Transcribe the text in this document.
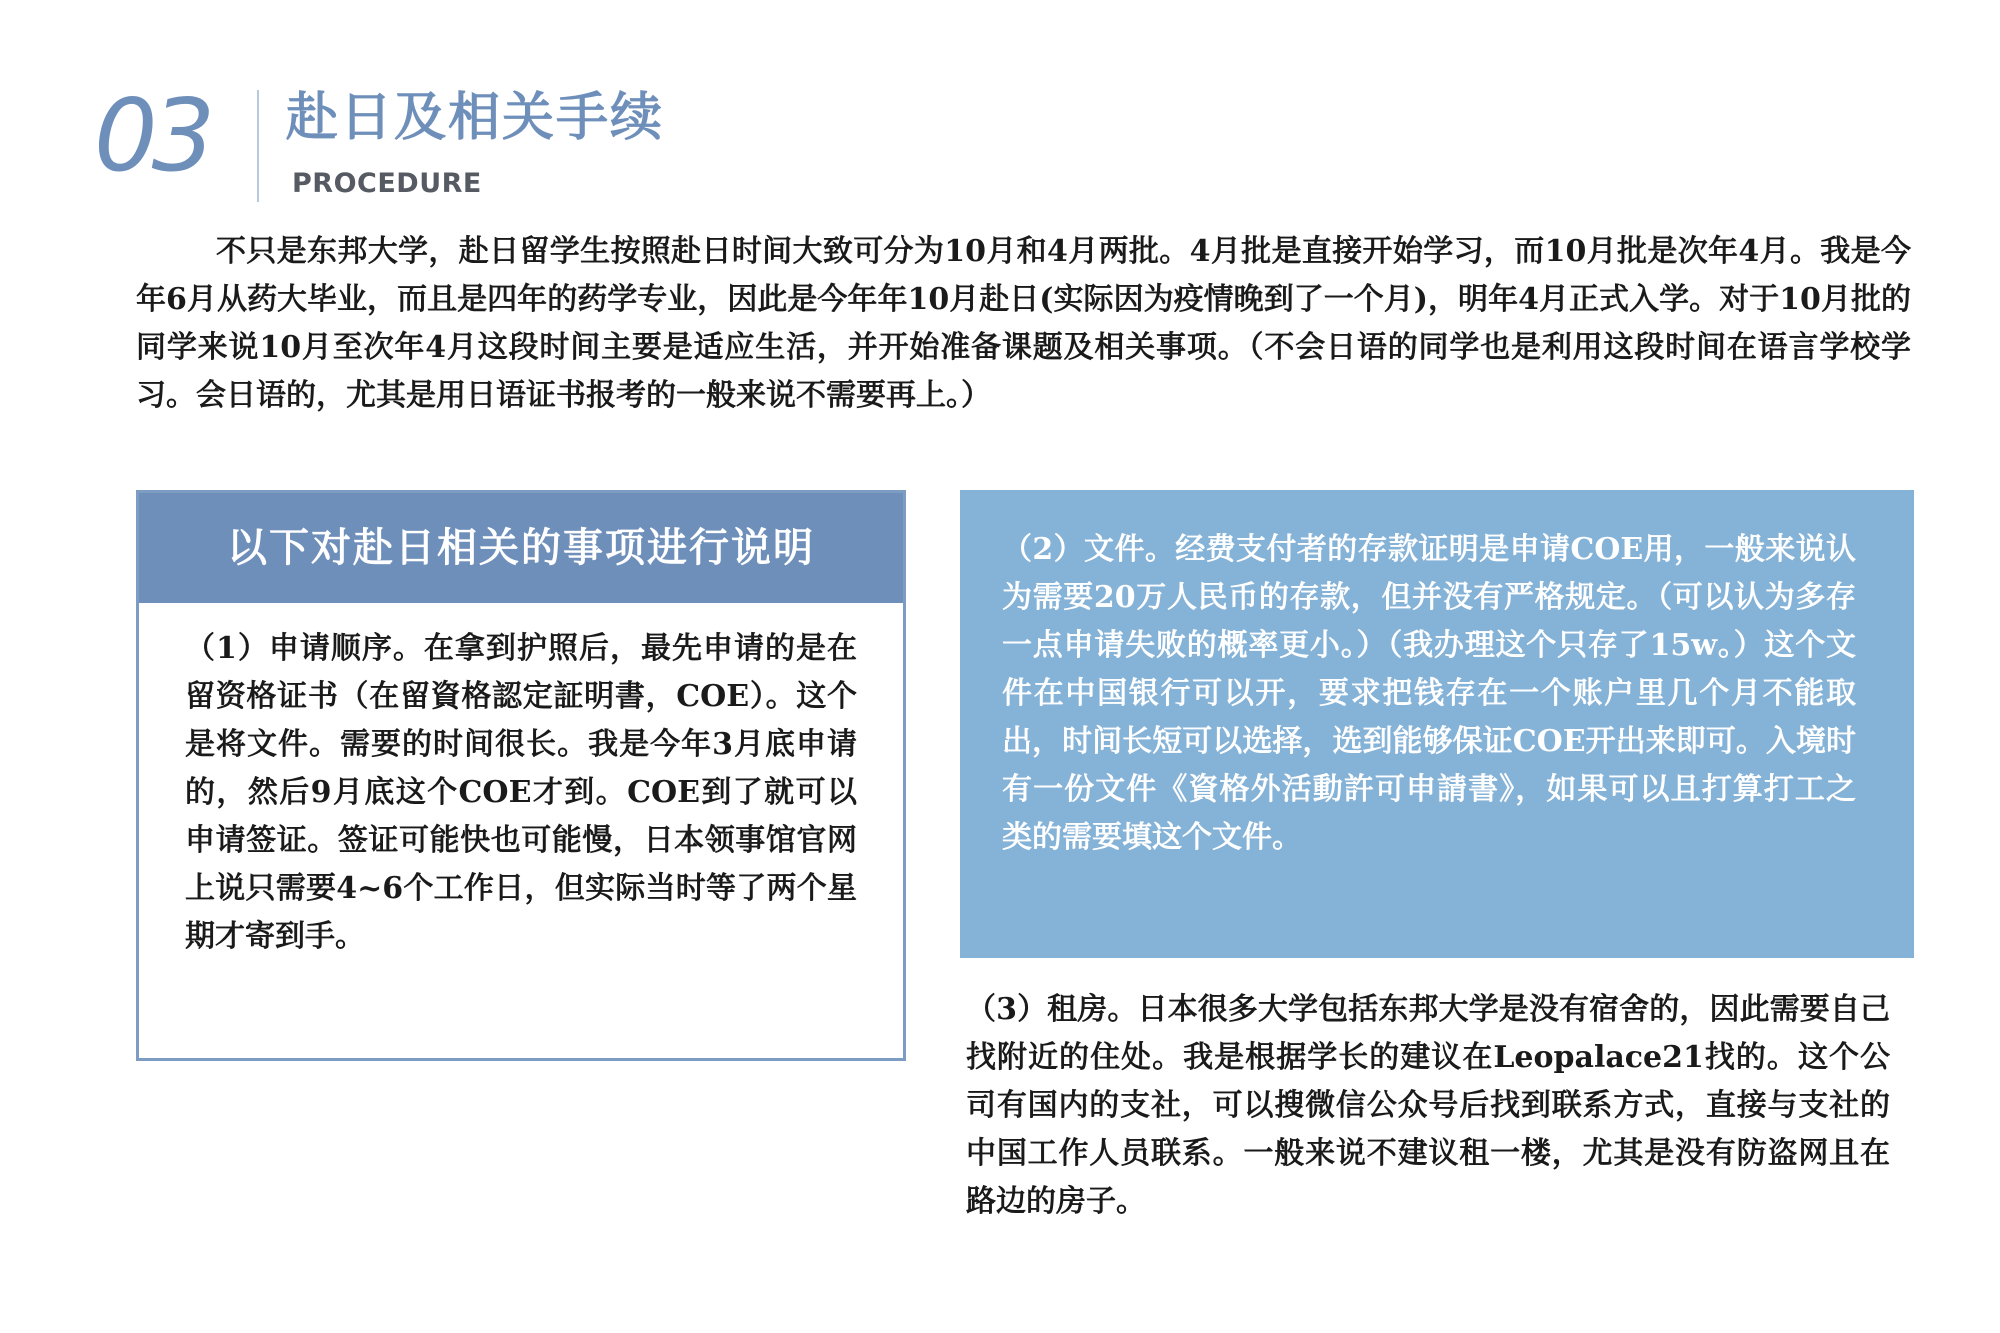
03 赴日及相关手续
PROCEDURE

不只是东邦大学，赴日留学生按照赴日时间大致可分为10月和4月两批。4月批是直接开始学习，而10月批是次年4月。我是今年6月从药大毕业，而且是四年的药学专业，因此是今年年10月赴日(实际因为疫情晚到了一个月)，明年4月正式入学。对于10月批的同学来说10月至次年4月这段时间主要是适应生活，并开始准备课题及相关事项。（不会日语的同学也是利用这段时间在语言学校学习。会日语的，尤其是用日语证书报考的一般来说不需要再上。）

以下对赴日相关的事项进行说明

（1）申请顺序。在拿到护照后，最先申请的是在留资格证书（在留資格認定証明書，COE）。这个是将文件。需要的时间很长。我是今年3月底申请的，然后9月底这个COE才到。COE到了就可以申请签证。签证可能快也可能慢，日本领事馆官网上说只需要4~6个工作日，但实际当时等了两个星期才寄到手。

（2）文件。经费支付者的存款证明是申请COE用，一般来说认为需要20万人民币的存款，但并没有严格规定。（可以认为多存一点申请失败的概率更小。）（我办理这个只存了15w。）这个文件在中国银行可以开，要求把钱存在一个账户里几个月不能取出，时间长短可以选择，选到能够保证COE开出来即可。入境时有一份文件《資格外活動許可申請書》，如果可以且打算打工之类的需要填这个文件。

（3）租房。日本很多大学包括东邦大学是没有宿舍的，因此需要自己找附近的住处。我是根据学长的建议在Leopalace21找的。这个公司有国内的支社，可以搜微信公众号后找到联系方式，直接与支社的中国工作人员联系。一般来说不建议租一楼，尤其是没有防盗网且在路边的房子。
